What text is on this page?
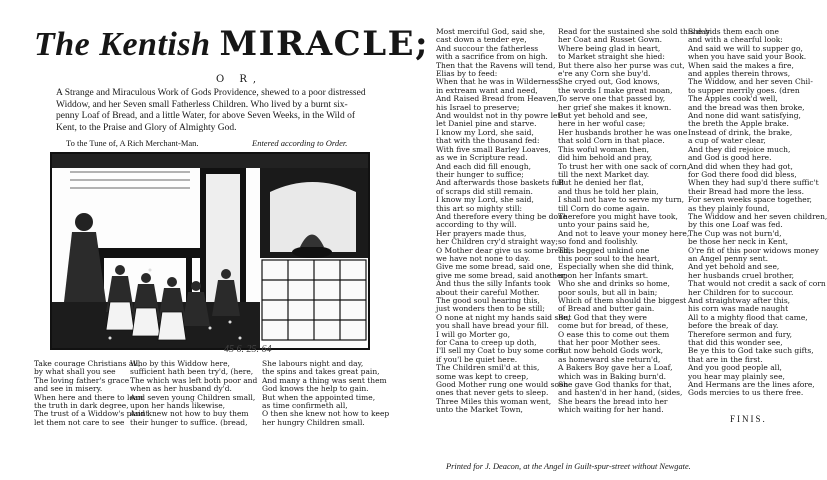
The Kentish MIRACLE;
O R,
A Strange and Miraculous Work of Gods Providence, shewed to a poor distressed Widdow, and her Seven small Fatherless Children. Who lived by a burnt six-penny Loaf of Bread, and a little Water, for above Seven Weeks, in the Wild of Kent, to the Praise and Glory of Almighty God.
To the Tune of, A Rich Merchant-Man.	Entered according to Order.
45 6. 25. 64
Take courage Christians all,
by what shall you see
The loving father's grace
and see in misery.
When here and there to lean
the truth in dark degree,
The trust of a Widdow's plaint
let them not care to see
Who by this Widdow here,
sufficient hath been try'd, (here,
The which was left both poor and
when as her husband dy'd.
And seven young Children small,
upon her hands likewise,
And knew not how to buy them
their hunger to suffice. (bread,
She labours night and day,
the spins and takes great pain,
And many a thing was sent them
God knows the help to gain.
But when the appointed time,
as time confirmeth all,
O then she knew not how to keep
her hungry Children small.
Most merciful God, said she,
cast down a tender eye,
And succour the fatherless
with a sacrifice from on high.
Then that the Ravens will tend,
Elias by to feed:
When that he was in Wilderness,
in extream want and need,
And Raised Bread from Heaven,
his Israel to preserve;
And wouldst not in thy powre let
let Daniel pine and starve.
I know my Lord, she said,
that with the thousand fed:
With five small Barley Loaves,
as we in Scripture read.
And each did fill enough,
their hunger to suffice;
And afterwards those baskets full
of scraps did still remain.
I know my Lord, she said,
this art so mighty still:
And therefore every thing be done
according to thy will.
Her prayers made thus,
her Children cry'd straight way;
O Mother dear give us some bread,
we have not none to day.
Give me some bread, said one,
give me some bread, said another;
And thus the silly Infants took
about their careful Mother.
The good soul hearing this,
just wonders then to be still;
O none at night my hands said she,
you shall have bread your fill.
I will go Morter go,
for Cana to creep up doth,
I'll sell my Coat to buy some corn,
if you'l be quiet here.
The Children smil'd at this,
some was kept to creep,
Good Mother rung one would soon
ones that never gets to sleep.
Three Miles this woman went,
unto the Market Town,
Read for the sustained she sold this day
her Coat and Russet Gown.
Where being glad in heart,
to Market straight she hied:
But there also her purse was cut,
e're any Corn she buy'd.
She cryed out, God knows,
the words I make great moan,
To serve one that passed by,
her grief she makes it known.
But yet behold and see,
here in her woful case;
Her husbands brother he was one
that sold Corn in that place.
This woful woman then,
did him behold and pray,
To trust her with one sack of corn,
till the next Market day.
But he denied her flat,
and thus he told her plain,
I shall not have to serve my turn,
till Corn do come again.
Therefore you might have took,
unto your pains said he,
And not to leave your money here,
so fond and foolishly.
This begged unkind one
this poor soul to the heart,
Especially when she did think,
upon her Infants smart.
Who she and drinks so home,
poor souls, but all in bain;
Which of them should the biggest
of Bread and butter gain.
But God that they were
come but for bread, of these,
O ease this to come out them
that her poor Mother sees.
But now behold Gods work,
as homeward she return'd,
A Bakers Boy gave her a Loaf,
which was in Baking burn'd.
She gave God thanks for that,
and hasten'd in her hand, (sides,
She bears the bread into her
which waiting for her hand.
She bids them each one
and with a chearful look:
And said we will to supper go,
when you have said your Book.
When said the makes a fire,
and apples therein throws,
The Widdow, and her seven Chil-
to supper merrily goes. (dren
The Apples cook'd well,
and the bread was then broke,
And none did want satisfying,
the breth the Apple brake.
Instead of drink, the brake,
a cup of water clear,
And they did rejoice much,
and God is good here.
And did when they had got,
for God there food did bless,
When they had sup'd there suffic't
their Bread had more the less.
For seven weeks space together,
as they plainly found,
The Widdow and her seven children,
by this one Loaf was fed.
The Cup was not burn'd,
be those her neck in Kent,
O're fit of this poor widows money
an Angel penny sent.
And yet behold and see,
her husbands cruel brother,
That would not credit a sack of corn
her Children for to succour.
And straightway after this,
his corn was made naught
All to a mighty flood that came,
before the break of day.
Therefore sermon and fury,
that did this wonder see,
Be ye this to God take such gifts,
that are in the first.
And you good people all,
you hear may plainly see,
And Hermans are the lines afore,
Gods mercies to us there free.
FINIS.
Printed for J. Deacon, at the Angel in Guilt-spur-street without Newgate.
